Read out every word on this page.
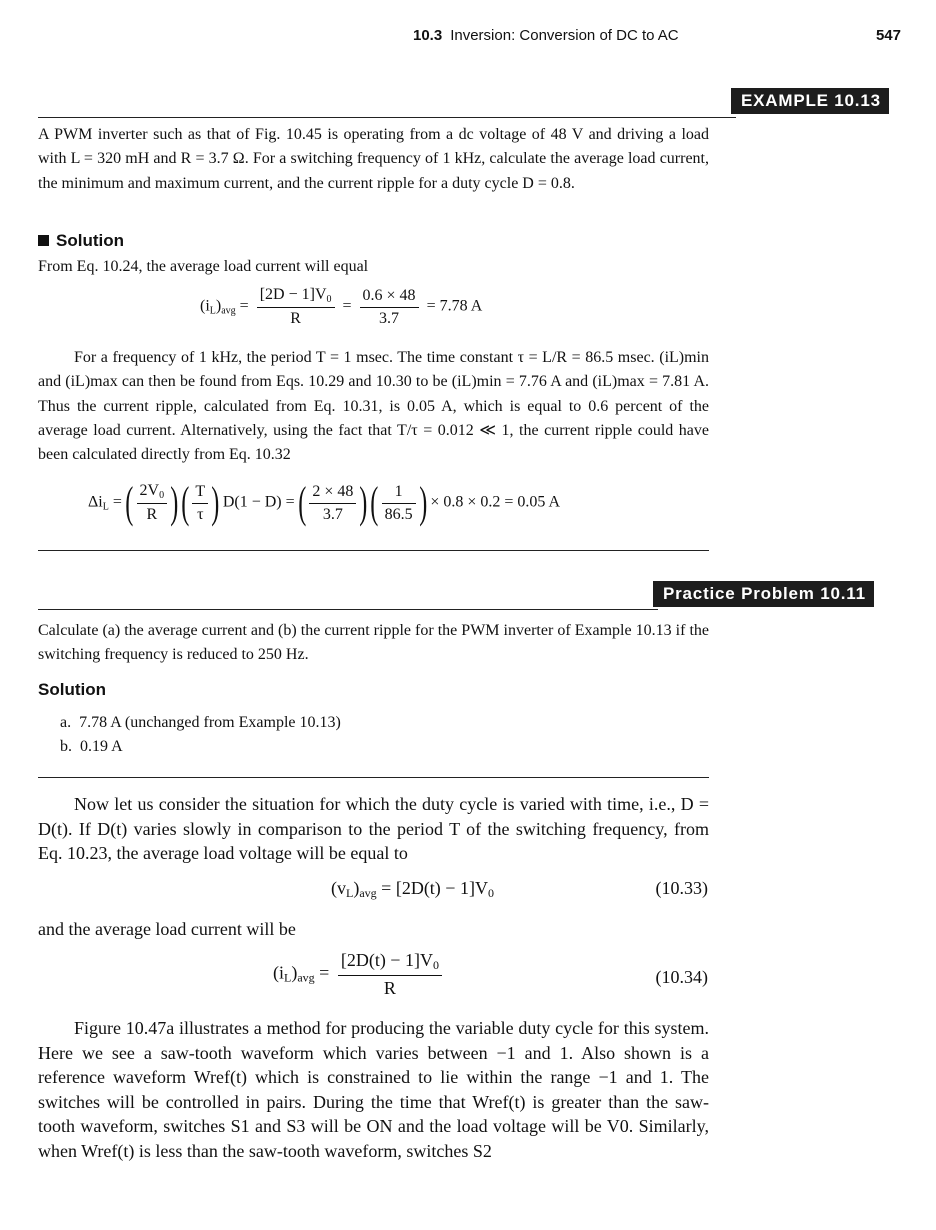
10.3 Inversion: Conversion of DC to AC	547
EXAMPLE 10.13
A PWM inverter such as that of Fig. 10.45 is operating from a dc voltage of 48 V and driving a load with L = 320 mH and R = 3.7 Ω. For a switching frequency of 1 kHz, calculate the average load current, the minimum and maximum current, and the current ripple for a duty cycle D = 0.8.
Solution
From Eq. 10.24, the average load current will equal
$(i_L)_{avg} = \frac{[2D - 1]V_0}{R} = \frac{0.6 \times 48}{3.7} = 7.78$ A
For a frequency of 1 kHz, the period T = 1 msec. The time constant τ = L/R = 86.5 msec. (iL)min and (iL)max can then be found from Eqs. 10.29 and 10.30 to be (iL)min = 7.76 A and (iL)max = 7.81 A. Thus the current ripple, calculated from Eq. 10.31, is 0.05 A, which is equal to 0.6 percent of the average load current. Alternatively, using the fact that T/τ = 0.012 ≪ 1, the current ripple could have been calculated directly from Eq. 10.32
$\Delta i_L$ = ( $\frac{2V_0}{R}$ ) ( $\frac{T}{\tau}$ ) D(1 − D) = ( $\frac{2 \times 48}{3.7}$ ) ( $\frac{1}{86.5}$ ) × 0.8 × 0.2 = 0.05 A
Practice Problem 10.11
Calculate (a) the average current and (b) the current ripple for the PWM inverter of Example 10.13 if the switching frequency is reduced to 250 Hz.
Solution
a.  7.78 A (unchanged from Example 10.13)
b.  0.19 A
Now let us consider the situation for which the duty cycle is varied with time, i.e., D = D(t). If D(t) varies slowly in comparison to the period T of the switching frequency, from Eq. 10.23, the average load voltage will be equal to
$(v_L)_{avg} = [2D(t) - 1]V_0$	(10.33)
and the average load current will be
$(i_L)_{avg} = \frac{[2D(t) - 1]V_0}{R}$	(10.34)
Figure 10.47a illustrates a method for producing the variable duty cycle for this system. Here we see a saw-tooth waveform which varies between −1 and 1. Also shown is a reference waveform Wref(t) which is constrained to lie within the range −1 and 1. The switches will be controlled in pairs. During the time that Wref(t) is greater than the saw-tooth waveform, switches S1 and S3 will be ON and the load voltage will be V0. Similarly, when Wref(t) is less than the saw-tooth waveform, switches S2
